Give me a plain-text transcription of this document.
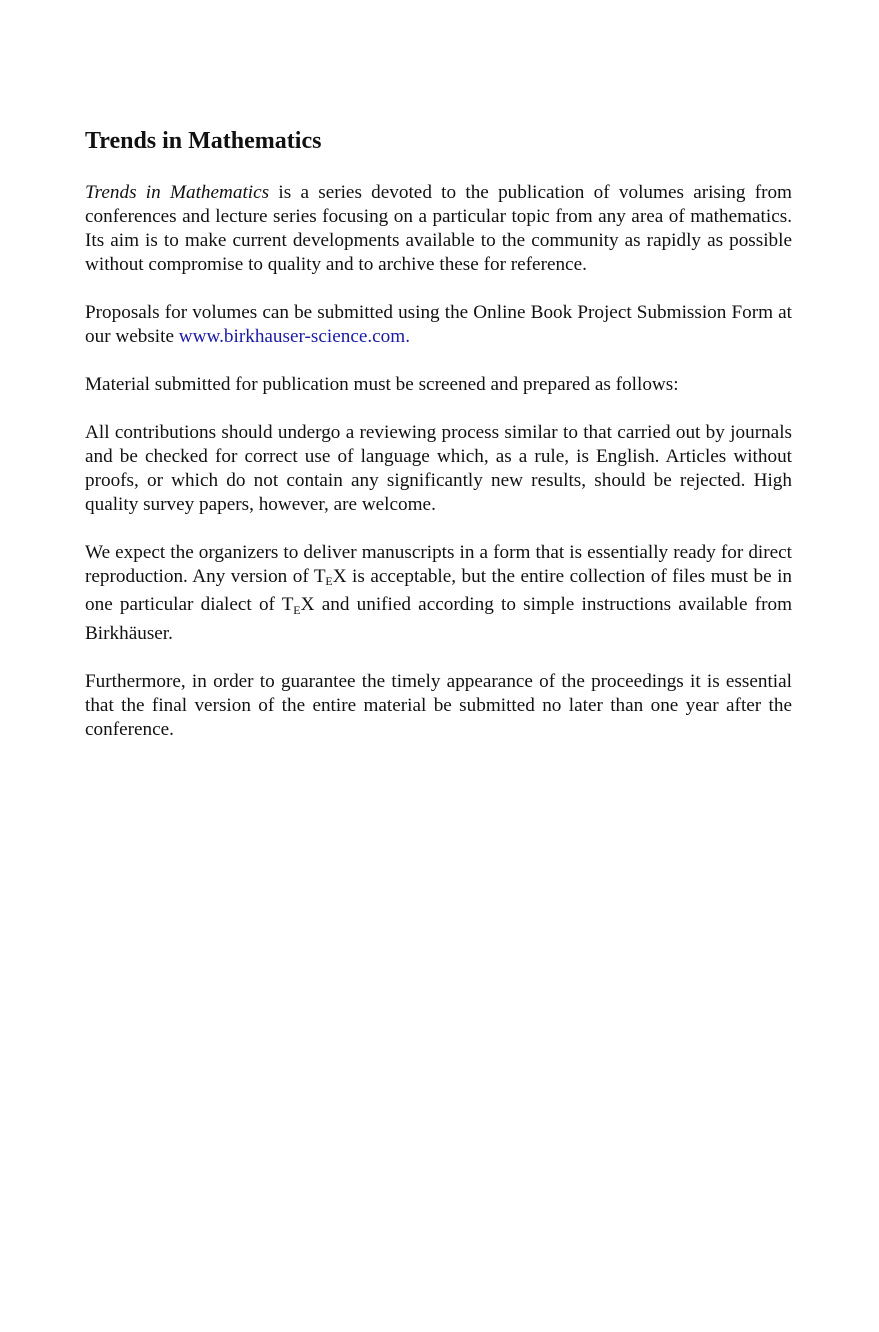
Trends in Mathematics

Trends in Mathematics is a series devoted to the publication of volumes arising from conferences and lecture series focusing on a particular topic from any area of mathematics. Its aim is to make current developments available to the community as rapidly as possible without compromise to quality and to archive these for reference.

Proposals for volumes can be submitted using the Online Book Project Submission Form at our website www.birkhauser-science.com.

Material submitted for publication must be screened and prepared as follows:

All contributions should undergo a reviewing process similar to that carried out by journals and be checked for correct use of language which, as a rule, is English. Articles without proofs, or which do not contain any significantly new results, should be rejected. High quality survey papers, however, are welcome.

We expect the organizers to deliver manuscripts in a form that is essentially ready for direct reproduction. Any version of TEX is acceptable, but the entire collection of files must be in one particular dialect of TEX and unified according to simple instructions available from Birkhäuser.

Furthermore, in order to guarantee the timely appearance of the proceedings it is essential that the final version of the entire material be submitted no later than one year after the conference.
